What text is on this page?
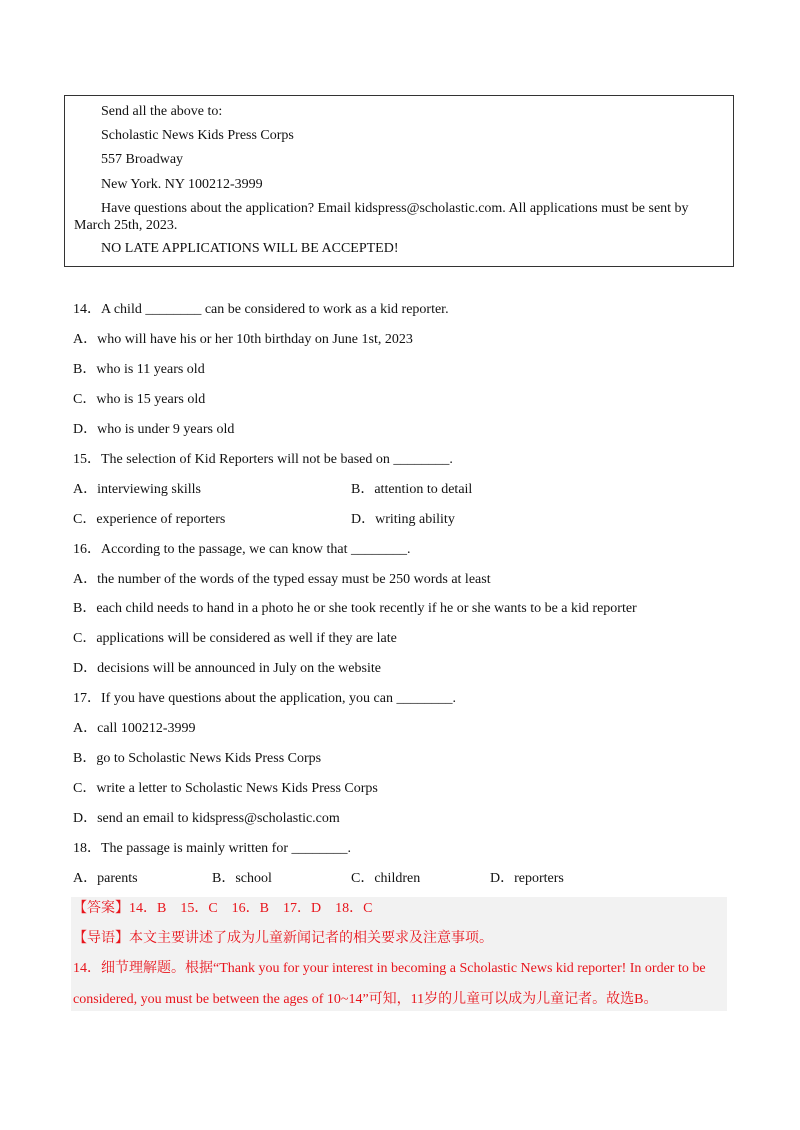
Send all the above to:
Scholastic News Kids Press Corps
557 Broadway
New York. NY 100212-3999
Have questions about the application? Email kidspress@scholastic.com. All applications must be sent by March 25th, 2023.
NO LATE APPLICATIONS WILL BE ACCEPTED!
14．A child ________ can be considered to work as a kid reporter.
A．who will have his or her 10th birthday on June 1st, 2023
B．who is 11 years old
C．who is 15 years old
D．who is under 9 years old
15．The selection of Kid Reporters will not be based on ________.
A．interviewing skills	B．attention to detail
C．experience of reporters	D．writing ability
16．According to the passage, we can know that ________.
A．the number of the words of the typed essay must be 250 words at least
B．each child needs to hand in a photo he or she took recently if he or she wants to be a kid reporter
C．applications will be considered as well if they are late
D．decisions will be announced in July on the website
17．If you have questions about the application, you can ________.
A．call 100212-3999
B．go to Scholastic News Kids Press Corps
C．write a letter to Scholastic News Kids Press Corps
D．send an email to kidspress@scholastic.com
18．The passage is mainly written for ________.
A．parents	B．school	C．children	D．reporters
【答案】14．B　15．C　16．B　17．D　18．C
【导语】本文主要讲述了成为儿童新闻记者的相关要求及注意事项。
14．细节理解题。根据“Thank you for your interest in becoming a Scholastic News kid reporter! In order to be
considered, you must be between the ages of 10~14”可知，11岁的儿童可以成为儿童记者。故选B。
